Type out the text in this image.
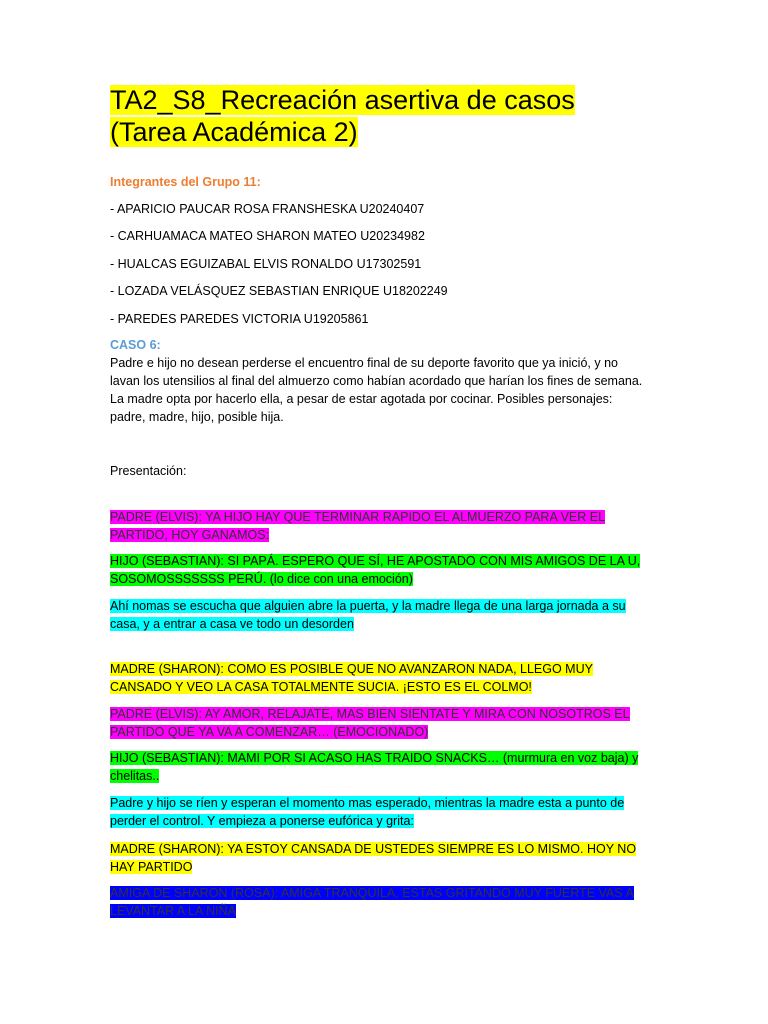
TA2_S8_Recreación asertiva de casos
(Tarea Académica 2)

Integrantes del Grupo 11:

- APARICIO PAUCAR ROSA FRANSHESKA U20240407

- CARHUAMACA MATEO SHARON MATEO U20234982

- HUALCAS EGUIZABAL ELVIS RONALDO U17302591

- LOZADA VELÁSQUEZ SEBASTIAN ENRIQUE U18202249

- PAREDES PAREDES VICTORIA U19205861

CASO 6:

Padre e hijo no desean perderse el encuentro final de su deporte favorito que ya inició, y no lavan los utensilios al final del almuerzo como habían acordado que harían los fines de semana. La madre opta por hacerlo ella, a pesar de estar agotada por cocinar. Posibles personajes: padre, madre, hijo, posible hija.

Presentación:

PADRE (ELVIS): YA HIJO HAY QUE TERMINAR RAPIDO EL ALMUERZO PARA VER EL PARTIDO, HOY GANAMOS:

HIJO (SEBASTIAN): SI PAPÁ. ESPERO QUE SÍ, HE APOSTADO CON MIS AMIGOS DE LA U, SOSOMOSSSSSSS PERÚ. (lo dice con una emoción)

Ahí nomas se escucha que alguien abre la puerta, y la madre llega de una larga jornada a su casa, y a entrar a casa ve todo un desorden

MADRE (SHARON): COMO ES POSIBLE QUE NO AVANZARON NADA, LLEGO MUY CANSADO Y VEO LA CASA TOTALMENTE SUCIA. ¡ESTO ES EL COLMO!

PADRE (ELVIS): AY AMOR, RELAJATE, MAS BIEN SIENTATE Y MIRA CON NOSOTROS EL PARTIDO QUE YA VA A COMENZAR… (EMOCIONADO)

HIJO (SEBASTIAN): MAMI POR SI ACASO HAS TRAIDO SNACKS… (murmura en voz baja) y chelitas..

Padre y hijo se ríen y esperan el momento mas esperado, mientras la madre esta a punto de perder el control. Y empieza a ponerse eufórica y grita:

MADRE (SHARON): YA ESTOY CANSADA DE USTEDES SIEMPRE ES LO MISMO. HOY NO HAY PARTIDO

AMIGA DE SHARON (ROSA): AMIGA TRANQUILA, ESTAS GRITANDO MUY FUERTE VAS A LEVANTAR A LA NIÑA
